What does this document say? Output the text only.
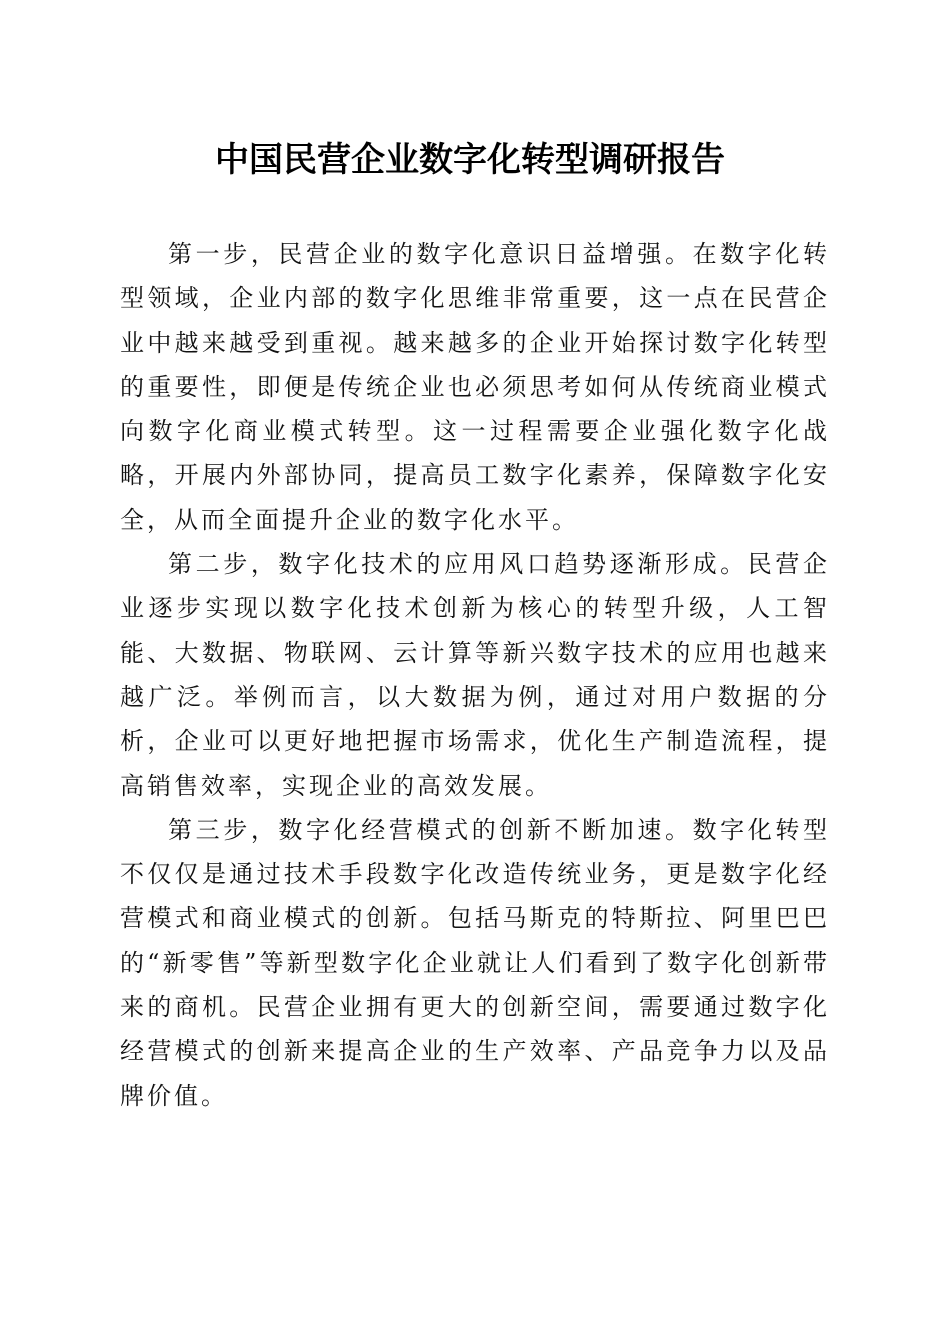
中国民营企业数字化转型调研报告

第一步，民营企业的数字化意识日益增强。在数字化转型领域，企业内部的数字化思维非常重要，这一点在民营企业中越来越受到重视。越来越多的企业开始探讨数字化转型的重要性，即便是传统企业也必须思考如何从传统商业模式向数字化商业模式转型。这一过程需要企业强化数字化战略，开展内外部协同，提高员工数字化素养，保障数字化安全，从而全面提升企业的数字化水平。

第二步，数字化技术的应用风口趋势逐渐形成。民营企业逐步实现以数字化技术创新为核心的转型升级，人工智能、大数据、物联网、云计算等新兴数字技术的应用也越来越广泛。举例而言，以大数据为例，通过对用户数据的分析，企业可以更好地把握市场需求，优化生产制造流程，提高销售效率，实现企业的高效发展。

第三步，数字化经营模式的创新不断加速。数字化转型不仅仅是通过技术手段数字化改造传统业务，更是数字化经营模式和商业模式的创新。包括马斯克的特斯拉、阿里巴巴的“新零售”等新型数字化企业就让人们看到了数字化创新带来的商机。民营企业拥有更大的创新空间，需要通过数字化经营模式的创新来提高企业的生产效率、产品竞争力以及品牌价值。
